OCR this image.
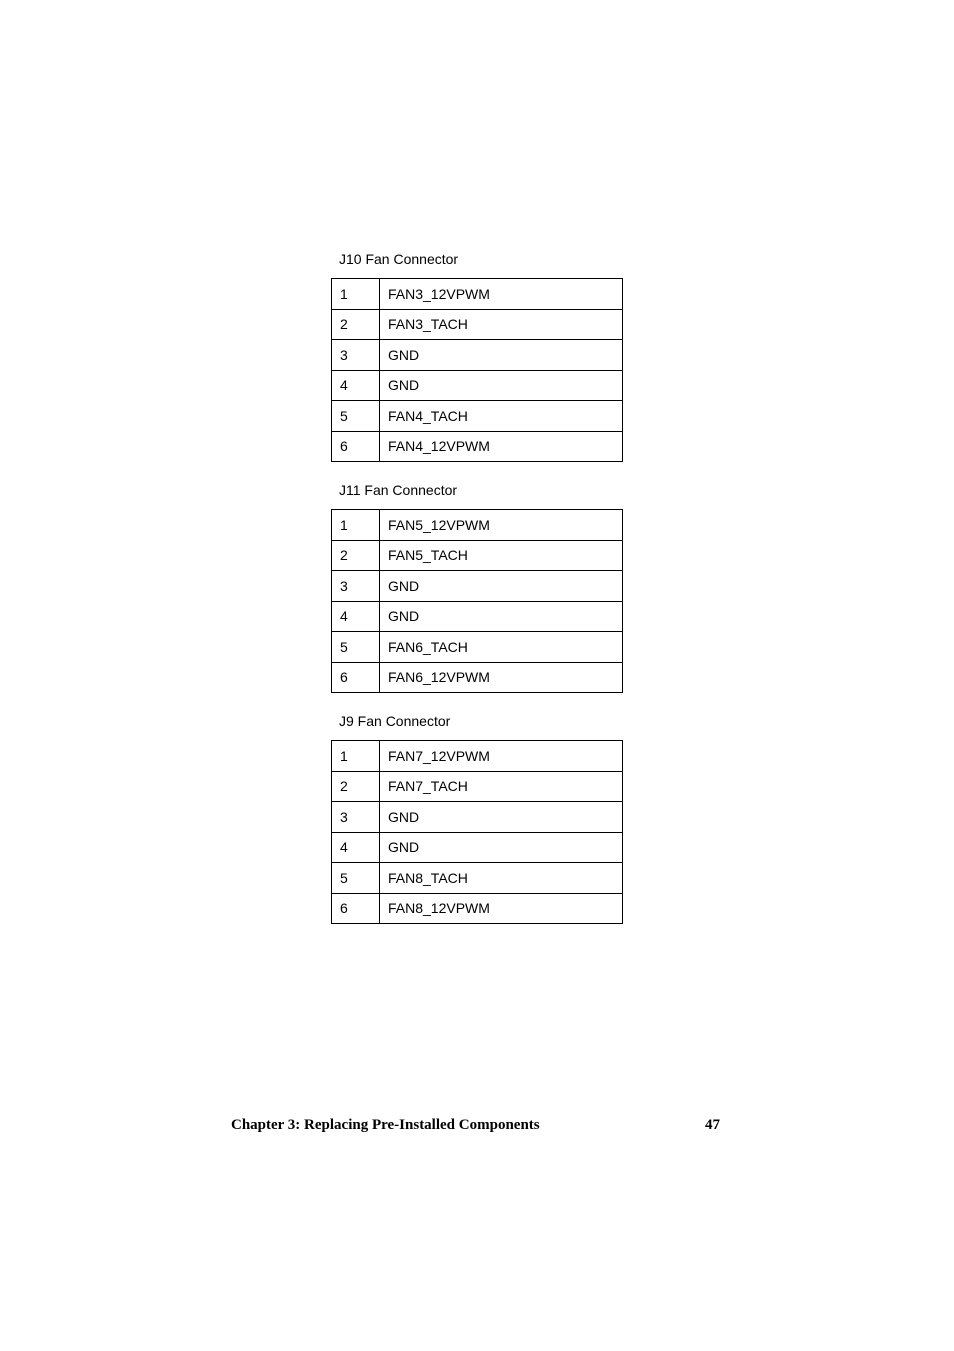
J10 Fan Connector
1	FAN3_12VPWM
2	FAN3_TACH
3	GND
4	GND
5	FAN4_TACH
6	FAN4_12VPWM
J11 Fan Connector
1	FAN5_12VPWM
2	FAN5_TACH
3	GND
4	GND
5	FAN6_TACH
6	FAN6_12VPWM
J9 Fan Connector
1	FAN7_12VPWM
2	FAN7_TACH
3	GND
4	GND
5	FAN8_TACH
6	FAN8_12VPWM
Chapter 3: Replacing Pre-Installed Components	47
